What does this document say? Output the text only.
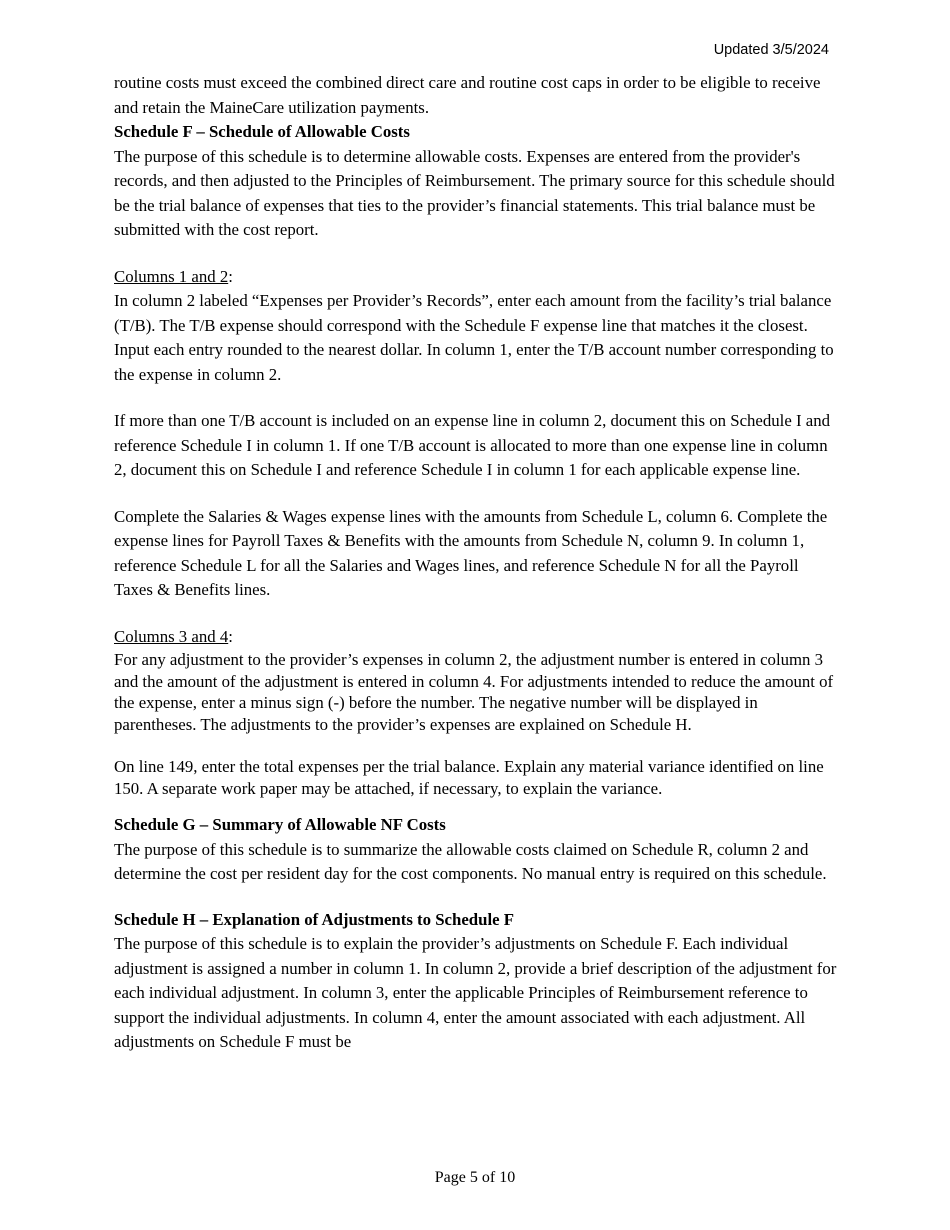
Updated 3/5/2024

routine costs must exceed the combined direct care and routine cost caps in order to be eligible to receive and retain the MaineCare utilization payments.

Schedule F – Schedule of Allowable Costs

The purpose of this schedule is to determine allowable costs. Expenses are entered from the provider's records, and then adjusted to the Principles of Reimbursement. The primary source for this schedule should be the trial balance of expenses that ties to the provider’s financial statements. This trial balance must be submitted with the cost report.

Columns 1 and 2:

In column 2 labeled “Expenses per Provider’s Records”, enter each amount from the facility’s trial balance (T/B). The T/B expense should correspond with the Schedule F expense line that matches it the closest. Input each entry rounded to the nearest dollar. In column 1, enter the T/B account number corresponding to the expense in column 2.

If more than one T/B account is included on an expense line in column 2, document this on Schedule I and reference Schedule I in column 1. If one T/B account is allocated to more than one expense line in column 2, document this on Schedule I and reference Schedule I in column 1 for each applicable expense line.

Complete the Salaries & Wages expense lines with the amounts from Schedule L, column 6. Complete the expense lines for Payroll Taxes & Benefits with the amounts from Schedule N, column 9. In column 1, reference Schedule L for all the Salaries and Wages lines, and reference Schedule N for all the Payroll Taxes & Benefits lines.

Columns 3 and 4:

For any adjustment to the provider’s expenses in column 2, the adjustment number is entered in column 3 and the amount of the adjustment is entered in column 4. For adjustments intended to reduce the amount of the expense, enter a minus sign (-) before the number. The negative number will be displayed in parentheses. The adjustments to the provider’s expenses are explained on Schedule H.

On line 149, enter the total expenses per the trial balance. Explain any material variance identified on line 150. A separate work paper may be attached, if necessary, to explain the variance.

Schedule G – Summary of Allowable NF Costs

The purpose of this schedule is to summarize the allowable costs claimed on Schedule R, column 2 and determine the cost per resident day for the cost components. No manual entry is required on this schedule.

Schedule H – Explanation of Adjustments to Schedule F

The purpose of this schedule is to explain the provider’s adjustments on Schedule F. Each individual adjustment is assigned a number in column 1. In column 2, provide a brief description of the adjustment for each individual adjustment. In column 3, enter the applicable Principles of Reimbursement reference to support the individual adjustments. In column 4, enter the amount associated with each adjustment. All adjustments on Schedule F must be

Page 5 of 10
